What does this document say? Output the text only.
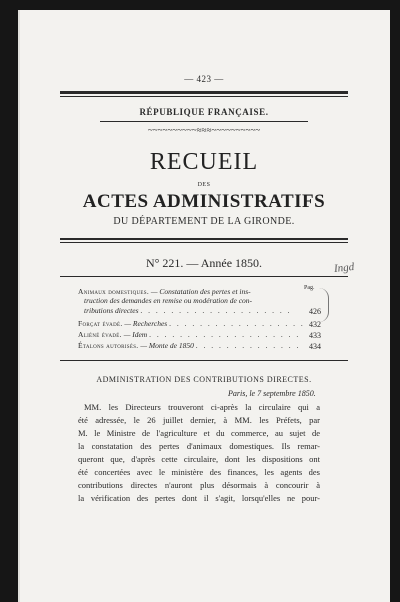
— 423 —
RÉPUBLIQUE FRANÇAISE.
~~~~~~~~~~≈≈≈~~~~~~~~~~
RECUEIL
DES
ACTES ADMINISTRATIFS
DU DÉPARTEMENT DE LA GIRONDE.
N° 221. — Année 1850.	Ingd
Pag.
Animaux domestiques. — Constatation des pertes et ins-
truction des demandes en remise ou modération de con-
tributions directes . . . . . . . . . . . . . . . . . . . .	426
Forçat évadé. — Recherches . . . . . . . . . . . . . . . . . . 432
Aliéné évadé. — Idem . . . . . . . . . . . . . . . . . . . .	433
Étalons autorisés. — Monte de 1850 . . . . . . . . . . . . . .	434
ADMINISTRATION DES CONTRIBUTIONS DIRECTES.
Paris, le 7 septembre 1850.
MM. les Directeurs trouveront ci-après la circulaire qui a
été adressée, le 26 juillet dernier, à MM. les Préfets, par
M. le Ministre de l'agriculture et du commerce, au sujet de
la constatation des pertes d'animaux domestiques. Ils remar-
queront que, d'après cette circulaire, dont les dispositions ont
été concertées avec le ministère des finances, les agents des
contributions directes n'auront plus désormais à concourir à
la vérification des pertes dont il s'agit, lorsqu'elles ne pour-
